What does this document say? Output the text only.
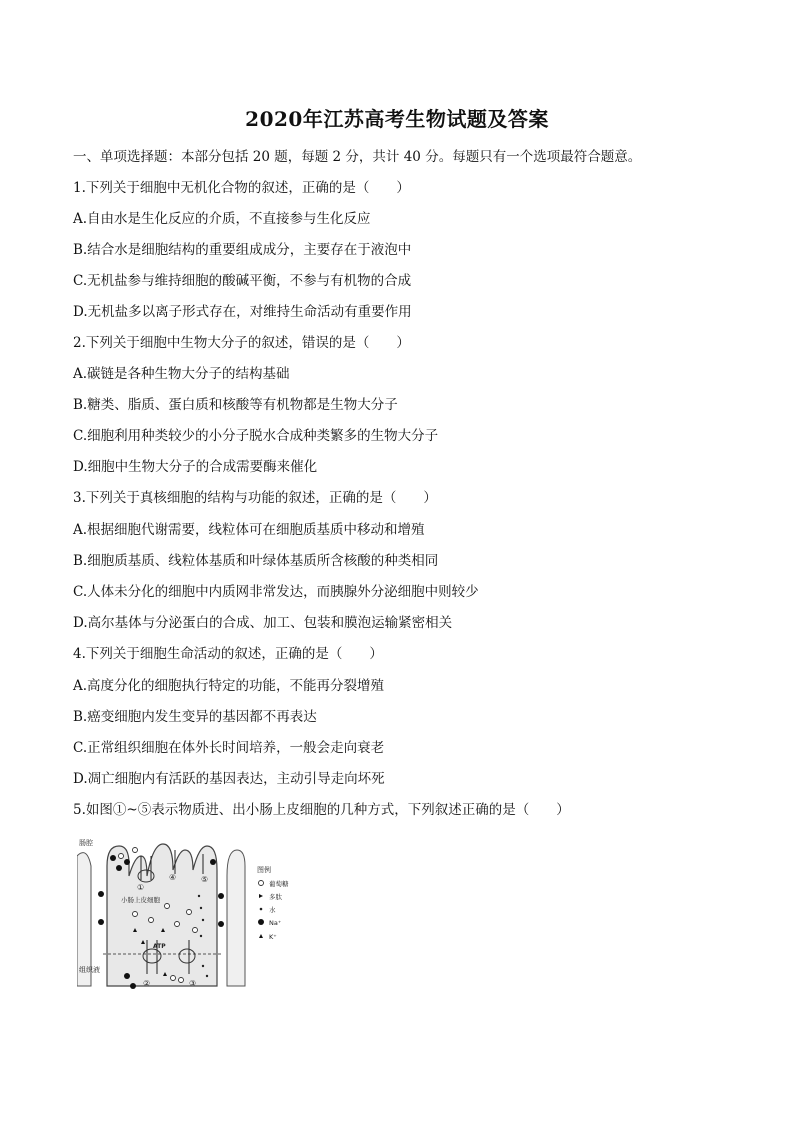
2020年江苏高考生物试题及答案
一、单项选择题：本部分包括 20 题，每题 2 分，共计 40 分。每题只有一个选项最符合题意。
1.下列关于细胞中无机化合物的叙述，正确的是（　　）
A.自由水是生化反应的介质，不直接参与生化反应
B.结合水是细胞结构的重要组成成分，主要存在于液泡中
C.无机盐参与维持细胞的酸碱平衡，不参与有机物的合成
D.无机盐多以离子形式存在，对维持生命活动有重要作用
2.下列关于细胞中生物大分子的叙述，错误的是（　　）
A.碳链是各种生物大分子的结构基础
B.糖类、脂质、蛋白质和核酸等有机物都是生物大分子
C.细胞利用种类较少的小分子脱水合成种类繁多的生物大分子
D.细胞中生物大分子的合成需要酶来催化
3.下列关于真核细胞的结构与功能的叙述，正确的是（　　）
A.根据细胞代谢需要，线粒体可在细胞质基质中移动和增殖
B.细胞质基质、线粒体基质和叶绿体基质所含核酸的种类相同
C.人体未分化的细胞中内质网非常发达，而胰腺外分泌细胞中则较少
D.高尔基体与分泌蛋白的合成、加工、包装和膜泡运输紧密相关
4.下列关于细胞生命活动的叙述，正确的是（　　）
A.高度分化的细胞执行特定的功能，不能再分裂增殖
B.癌变细胞内发生变异的基因都不再表达
C.正常组织细胞在体外长时间培养，一般会走向衰老
D.凋亡细胞内有活跃的基因表达，主动引导走向坏死
5.如图①~⑤表示物质进、出小肠上皮细胞的几种方式，下列叙述正确的是（　　）
肠腔
小肠上皮细胞
组织液
ATP
①
②	③
④	⑤
图例
葡萄糖
多肽
水
Na⁺
K⁺
